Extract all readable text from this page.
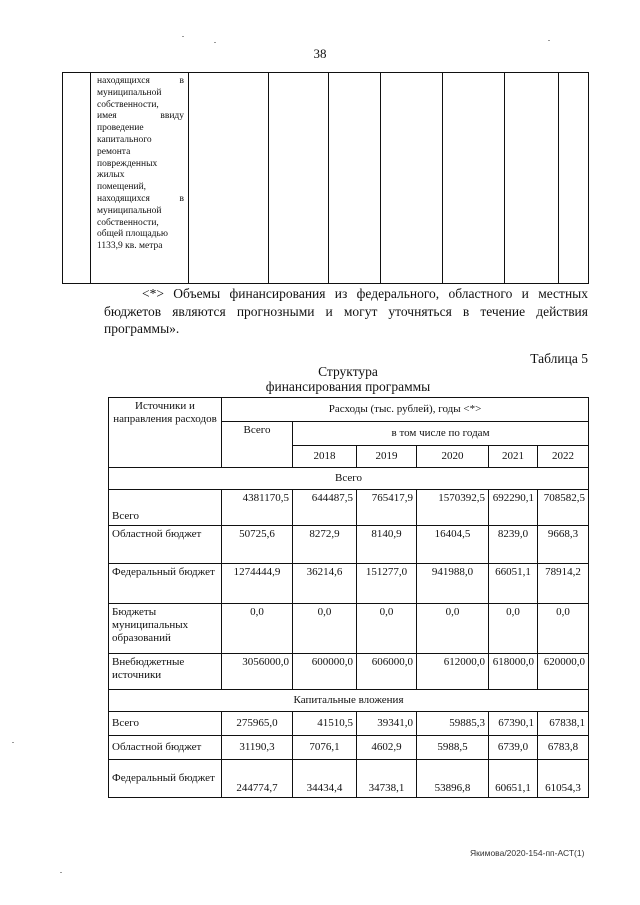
38

находящихся в
муниципальной
собственности,
имея ввиду
проведение
капитального
ремонта
поврежденных
жилых
помещений,
находящихся в
муниципальной
собственности,
общей площадью
1133,9 кв. метра

<*> Объемы финансирования из федерального, областного и местных бюджетов являются прогнозными и могут уточняться в течение действия программы».
Таблица 5
Структура
финансирования программы
Источники и направления расходов	Расходы (тыс. рублей), годы <*>					
	Всего	в том числе по годам				
		2018	2019	2020	2021	2022
Всего						
Всего	4381170,5	644487,5	765417,9	1570392,5	692290,1	708582,5
Областной бюджет	50725,6	8272,9	8140,9	16404,5	8239,0	9668,3
Федеральный бюджет	1274444,9	36214,6	151277,0	941988,0	66051,1	78914,2
Бюджеты муниципальных образований	0,0	0,0	0,0	0,0	0,0	0,0
Внебюджетные источники	3056000,0	600000,0	606000,0	612000,0	618000,0	620000,0
Капитальные вложения						
Всего	275965,0	41510,5	39341,0	59885,3	67390,1	67838,1
Областной бюджет	31190,3	7076,1	4602,9	5988,5	6739,0	6783,8
Федеральный бюджет	244774,7	34434,4	34738,1	53896,8	60651,1	61054,3
Якимова/2020-154-пп-АСТ(1)
